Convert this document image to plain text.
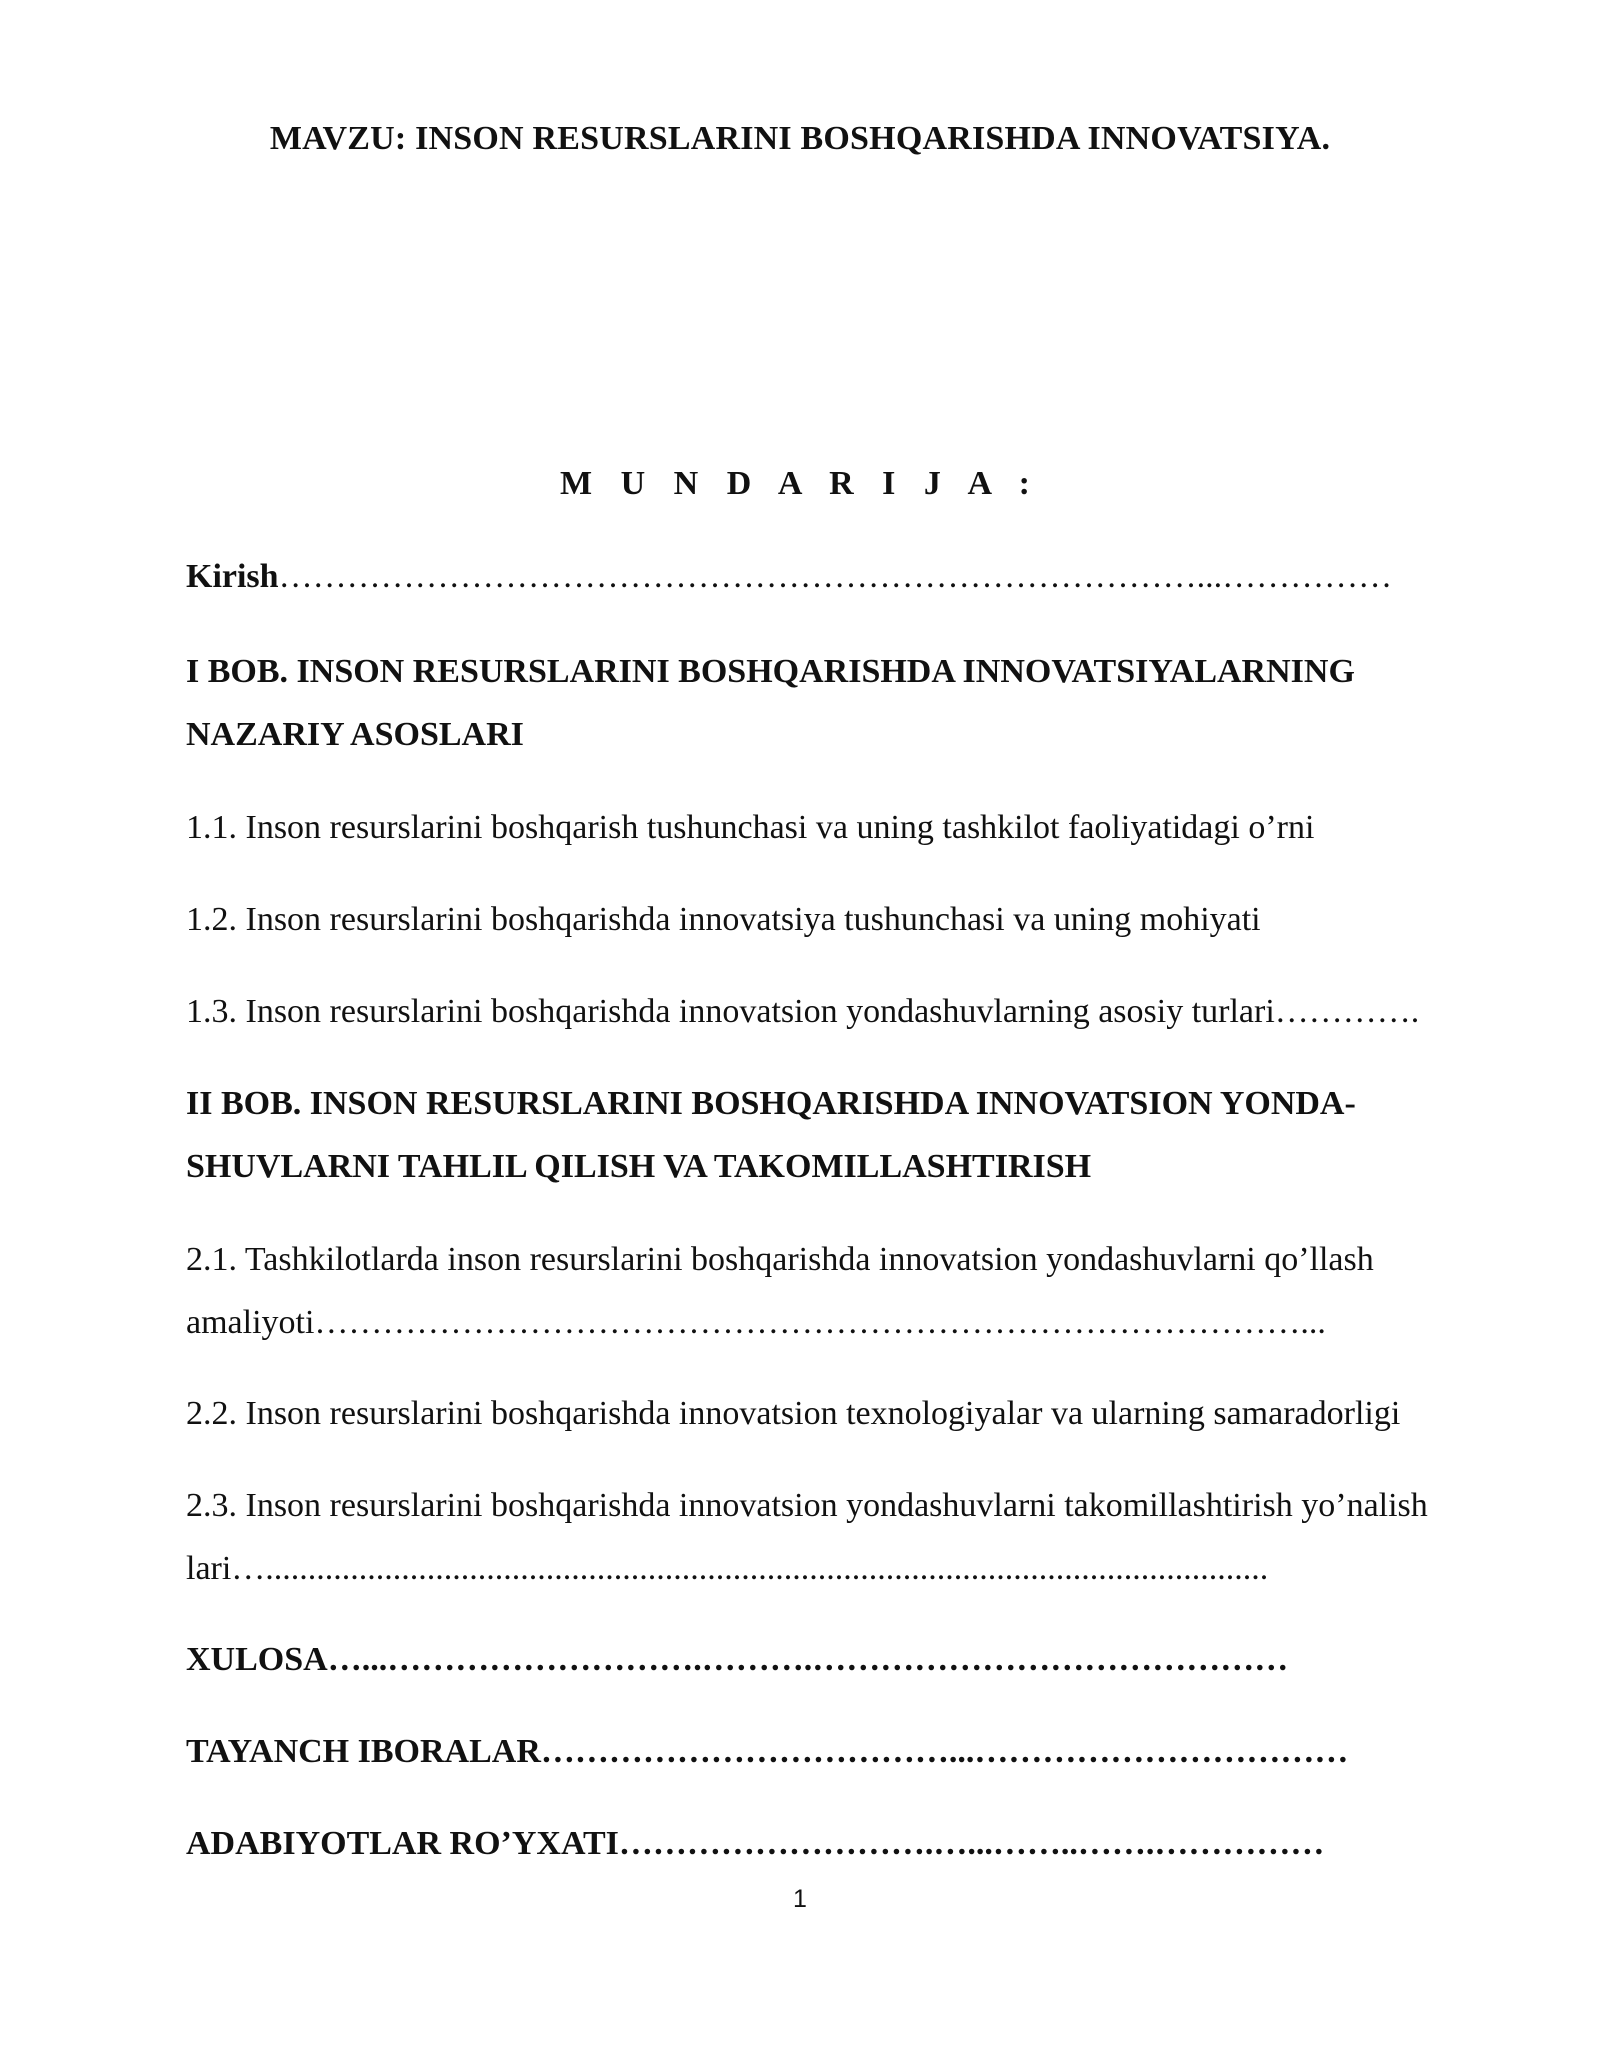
MAVZU: INSON RESURSLARINI BOSHQARISHDA INNOVATSIYA.
M U N D A R I J A :
Kirish………………………………………………………………………...……………
I BOB. INSON RESURSLARINI BOSHQARISHDA INNOVATSIYALARNING
NAZARIY ASOSLARI
1.1. Inson resurslarini boshqarish tushunchasi va uning tashkilot faoliyatidagi o’rni
1.2. Inson resurslarini boshqarishda innovatsiya tushunchasi va uning mohiyati
1.3. Inson resurslarini boshqarishda innovatsion yondashuvlarning asosiy turlari………….
II BOB. INSON RESURSLARINI BOSHQARISHDA INNOVATSION YONDA-
SHUVLARNI TAHLIL QILISH VA TAKOMILLASHTIRISH
2.1. Tashkilotlarda inson resurslarini boshqarishda innovatsion yondashuvlarni qo’llash
amaliyoti……………………………………………………………………………...
2.2. Inson resurslarini boshqarishda innovatsion texnologiyalar va ularning samaradorligi
2.3. Inson resurslarini boshqarishda innovatsion yondashuvlarni takomillashtirish yo’nalish
lari…......................................................................................................................
XULOSA…...……………………….……….……………………………………
TAYANCH IBORALAR………………………………...……………………………
ADABIYOTLAR RO’YXATI……………………….…...……..…….……………
1
